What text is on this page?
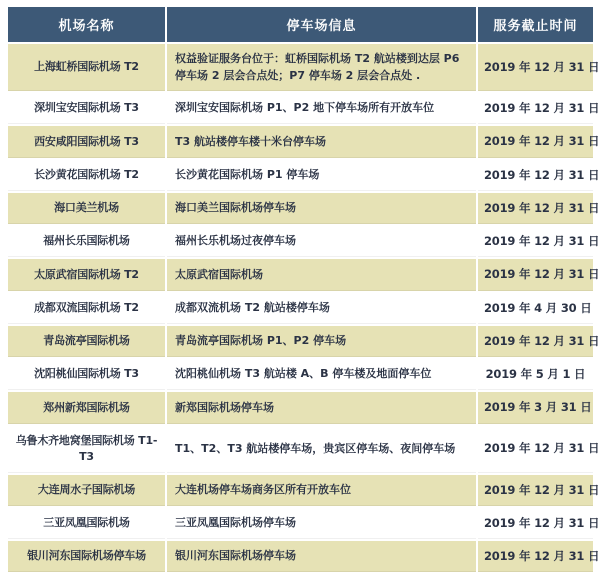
机场名称	停车场信息	服务截止时间
上海虹桥国际机场 T2	权益验证服务台位于：虹桥国际机场 T2 航站楼到达层 P6 停车场 2 层会合点处；P7 停车场 2 层会合点处 .	2019 年 12 月 31 日
深圳宝安国际机场 T3	深圳宝安国际机场 P1、P2 地下停车场所有开放车位	2019 年 12 月 31 日
西安咸阳国际机场 T3	T3 航站楼停车楼十米台停车场	2019 年 12 月 31 日
长沙黄花国际机场 T2	长沙黄花国际机场 P1 停车场	2019 年 12 月 31 日
海口美兰机场	海口美兰国际机场停车场	2019 年 12 月 31 日
福州长乐国际机场	福州长乐机场过夜停车场	2019 年 12 月 31 日
太原武宿国际机场 T2	太原武宿国际机场	2019 年 12 月 31 日
成都双流国际机场 T2	成都双流机场 T2 航站楼停车场	2019 年 4 月 30 日
青岛流亭国际机场	青岛流亭国际机场 P1、P2 停车场	2019 年 12 月 31 日
沈阳桃仙国际机场 T3	沈阳桃仙机场 T3 航站楼 A、B 停车楼及地面停车位	2019 年 5 月 1 日
郑州新郑国际机场	新郑国际机场停车场	2019 年 3 月 31 日
乌鲁木齐地窝堡国际机场 T1-T3	T1、T2、T3 航站楼停车场，贵宾区停车场、夜间停车场	2019 年 12 月 31 日
大连周水子国际机场	大连机场停车场商务区所有开放车位	2019 年 12 月 31 日
三亚凤凰国际机场	三亚凤凰国际机场停车场	2019 年 12 月 31 日
银川河东国际机场停车场	银川河东国际机场停车场	2019 年 12 月 31 日
